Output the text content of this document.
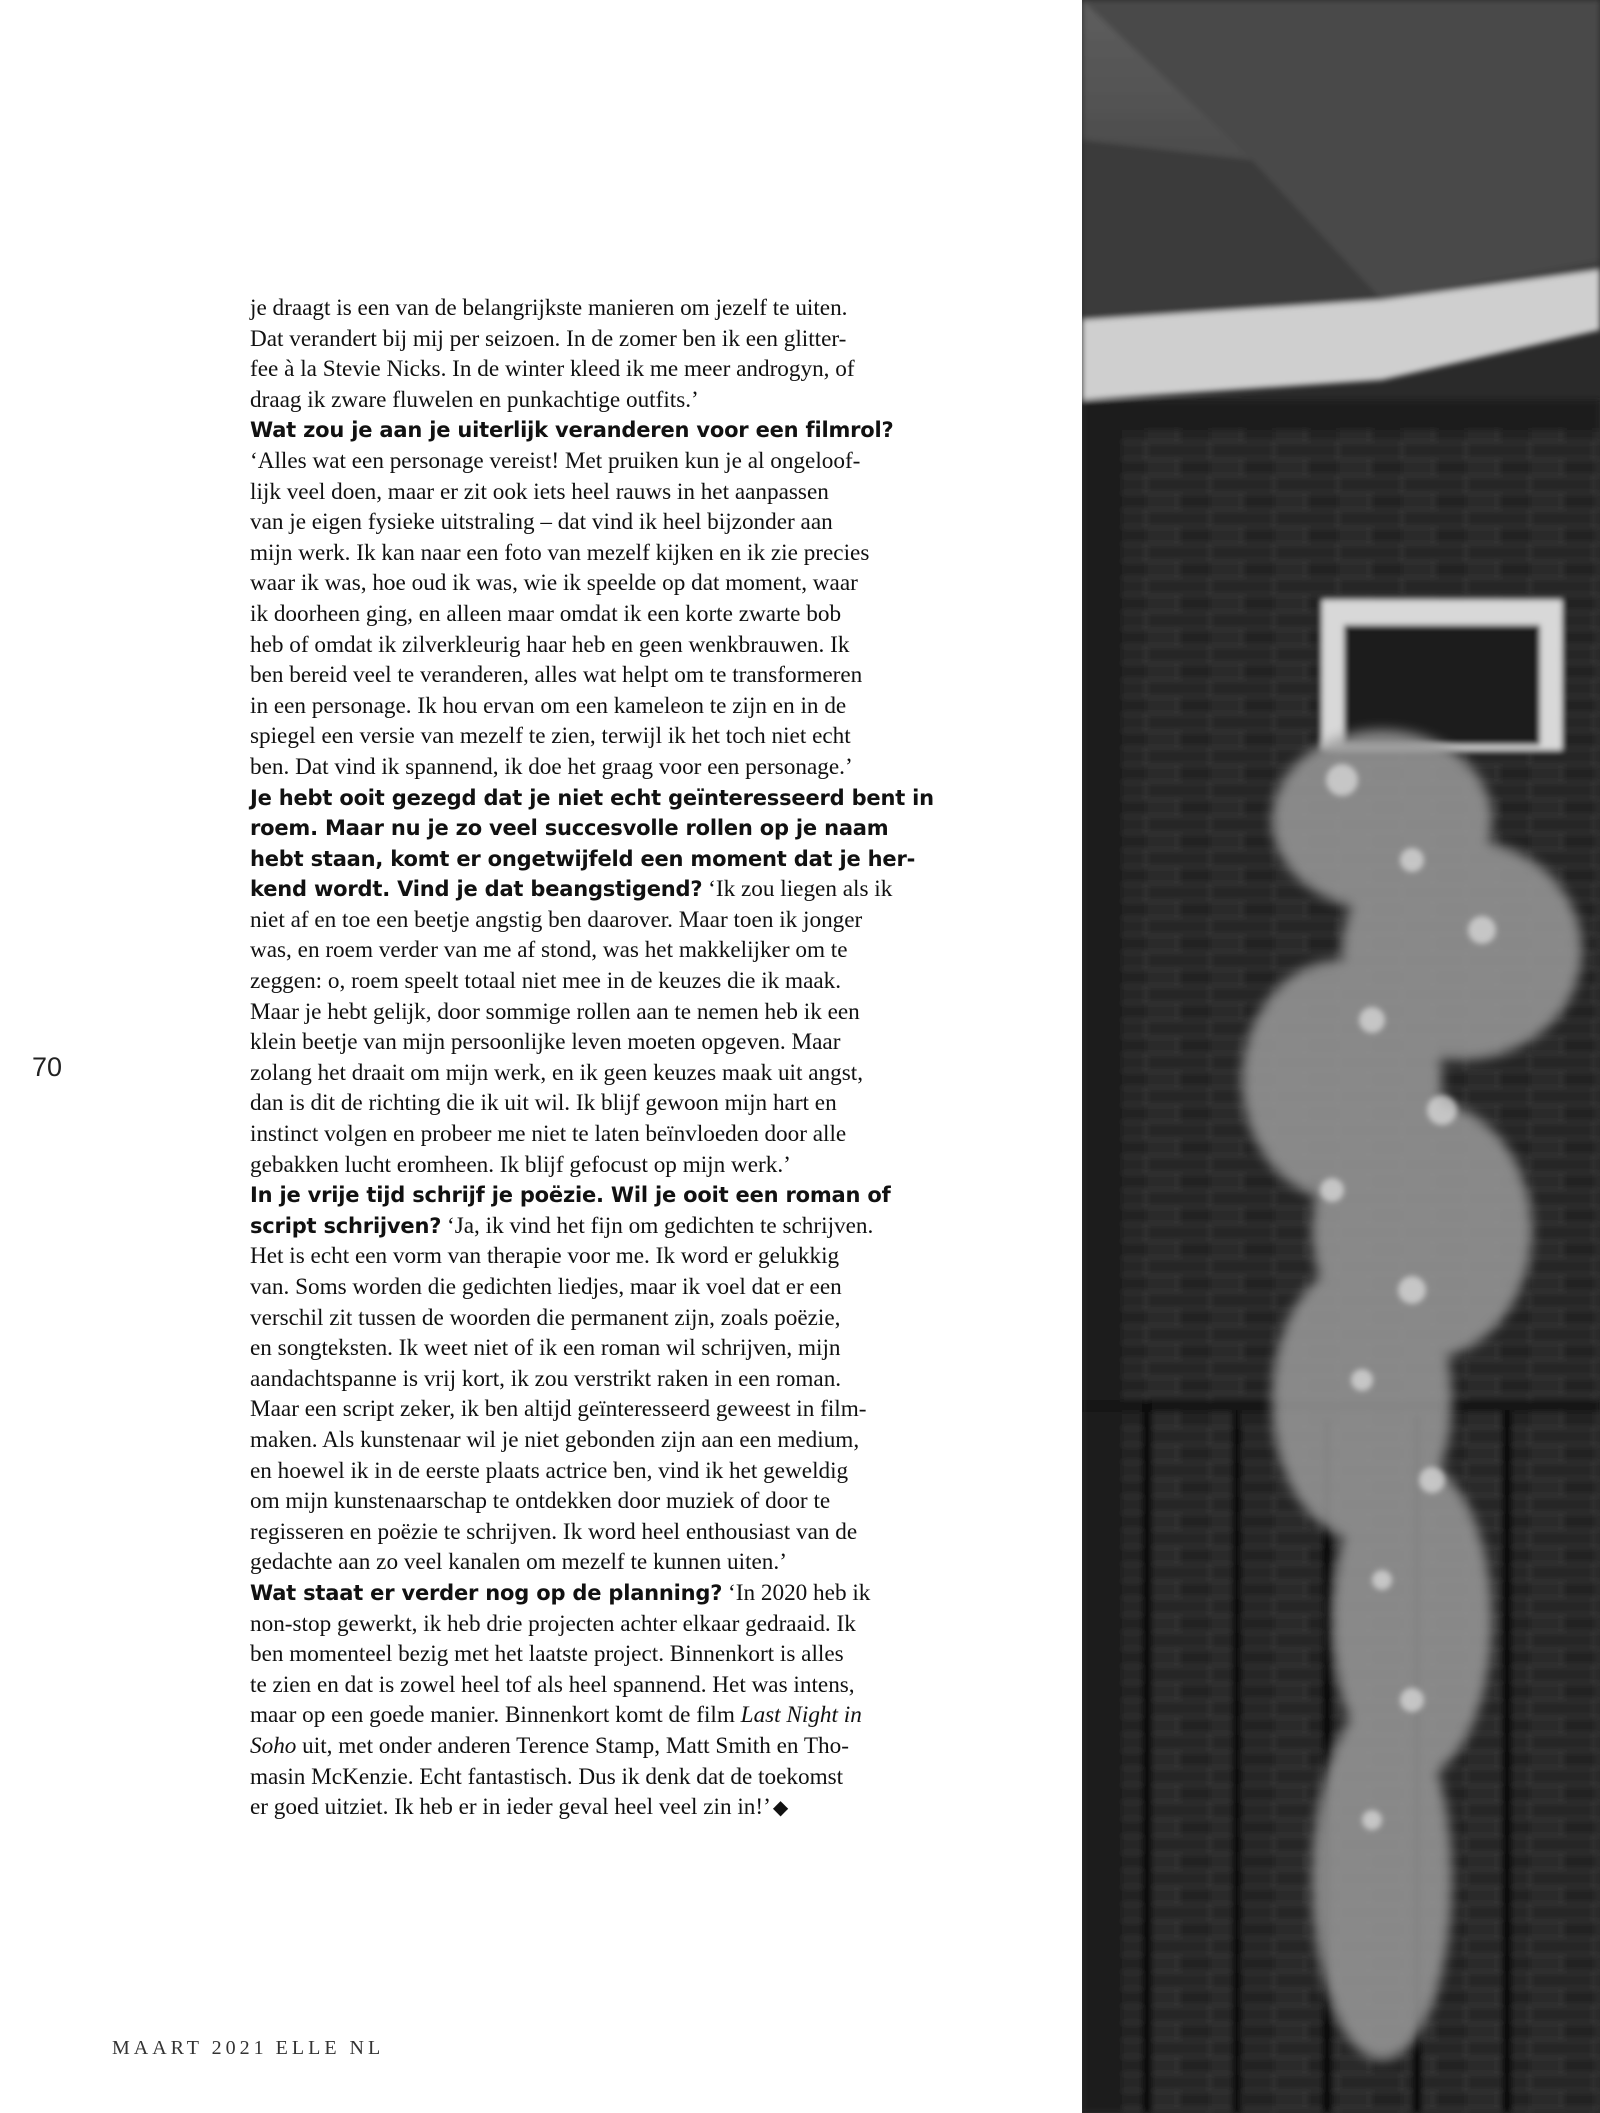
je draagt is een van de belangrijkste manieren om jezelf te uiten.
Dat verandert bij mij per seizoen. In de zomer ben ik een glitter-
fee à la Stevie Nicks. In de winter kleed ik me meer androgyn, of
draag ik zware fluwelen en punkachtige outfits.’
Wat zou je aan je uiterlijk veranderen voor een filmrol?
‘Alles wat een personage vereist! Met pruiken kun je al ongeloof-
lijk veel doen, maar er zit ook iets heel rauws in het aanpassen
van je eigen fysieke uitstraling – dat vind ik heel bijzonder aan
mijn werk. Ik kan naar een foto van mezelf kijken en ik zie precies
waar ik was, hoe oud ik was, wie ik speelde op dat moment, waar
ik doorheen ging, en alleen maar omdat ik een korte zwarte bob
heb of omdat ik zilverkleurig haar heb en geen wenkbrauwen. Ik
ben bereid veel te veranderen, alles wat helpt om te transformeren
in een personage. Ik hou ervan om een kameleon te zijn en in de
spiegel een versie van mezelf te zien, terwijl ik het toch niet echt
ben. Dat vind ik spannend, ik doe het graag voor een personage.’
Je hebt ooit gezegd dat je niet echt geïnteresseerd bent in
roem. Maar nu je zo veel succesvolle rollen op je naam
hebt staan, komt er ongetwijfeld een moment dat je her-
kend wordt. Vind je dat beangstigend? ‘Ik zou liegen als ik
niet af en toe een beetje angstig ben daarover. Maar toen ik jonger
was, en roem verder van me af stond, was het makkelijker om te
zeggen: o, roem speelt totaal niet mee in de keuzes die ik maak.
Maar je hebt gelijk, door sommige rollen aan te nemen heb ik een
klein beetje van mijn persoonlijke leven moeten opgeven. Maar
zolang het draait om mijn werk, en ik geen keuzes maak uit angst,
dan is dit de richting die ik uit wil. Ik blijf gewoon mijn hart en
instinct volgen en probeer me niet te laten beïnvloeden door alle
gebakken lucht eromheen. Ik blijf gefocust op mijn werk.’
In je vrije tijd schrijf je poëzie. Wil je ooit een roman of
script schrijven? ‘Ja, ik vind het fijn om gedichten te schrijven.
Het is echt een vorm van therapie voor me. Ik word er gelukkig
van. Soms worden die gedichten liedjes, maar ik voel dat er een
verschil zit tussen de woorden die permanent zijn, zoals poëzie,
en songteksten. Ik weet niet of ik een roman wil schrijven, mijn
aandachtspanne is vrij kort, ik zou verstrikt raken in een roman.
Maar een script zeker, ik ben altijd geïnteresseerd geweest in film-
maken. Als kunstenaar wil je niet gebonden zijn aan een medium,
en hoewel ik in de eerste plaats actrice ben, vind ik het geweldig
om mijn kunstenaarschap te ontdekken door muziek of door te
regisseren en poëzie te schrijven. Ik word heel enthousiast van de
gedachte aan zo veel kanalen om mezelf te kunnen uiten.’
Wat staat er verder nog op de planning? ‘In 2020 heb ik
non-stop gewerkt, ik heb drie projecten achter elkaar gedraaid. Ik
ben momenteel bezig met het laatste project. Binnenkort is alles
te zien en dat is zowel heel tof als heel spannend. Het was intens,
maar op een goede manier. Binnenkort komt de film Last Night in
Soho uit, met onder anderen Terence Stamp, Matt Smith en Tho-
masin McKenzie. Echt fantastisch. Dus ik denk dat de toekomst
er goed uitziet. Ik heb er in ieder geval heel veel zin in!’ ◆
70
MAART 2021 ELLE NL
